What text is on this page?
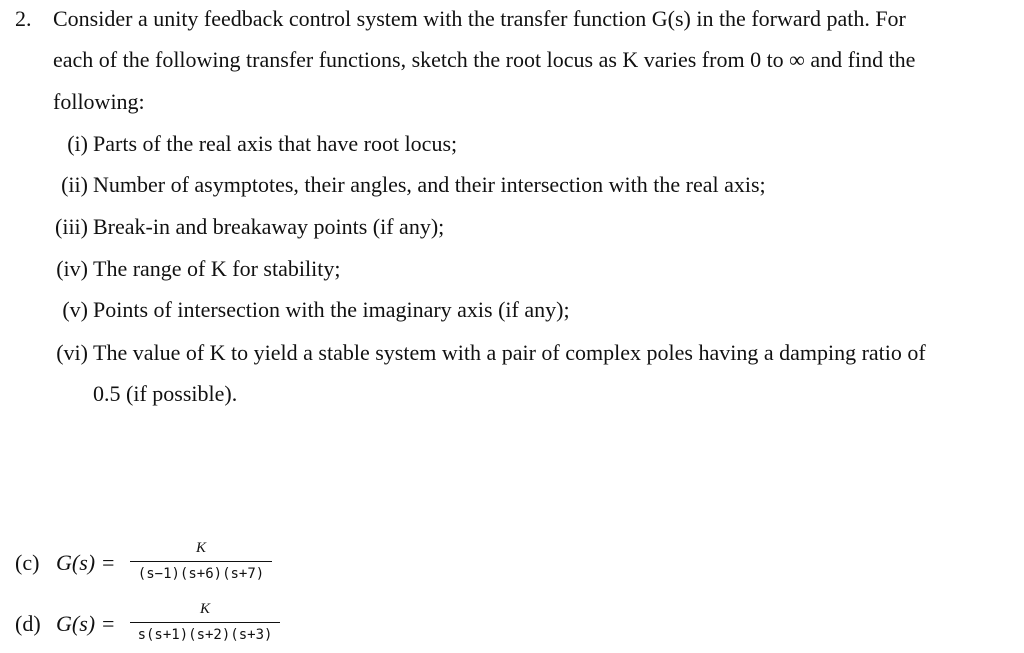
2. Consider a unity feedback control system with the transfer function G(s) in the forward path. For
each of the following transfer functions, sketch the root locus as K varies from 0 to ∞ and find the
following:
(i) Parts of the real axis that have root locus;
(ii) Number of asymptotes, their angles, and their intersection with the real axis;
(iii) Break-in and breakaway points (if any);
(iv) The range of K for stability;
(v) Points of intersection with the imaginary axis (if any);
(vi) The value of K to yield a stable system with a pair of complex poles having a damping ratio of
0.5 (if possible).
(c) G(s) =
K
(s−1)(s+6)(s+7)
(d) G(s) =
K
s(s+1)(s+2)(s+3)
